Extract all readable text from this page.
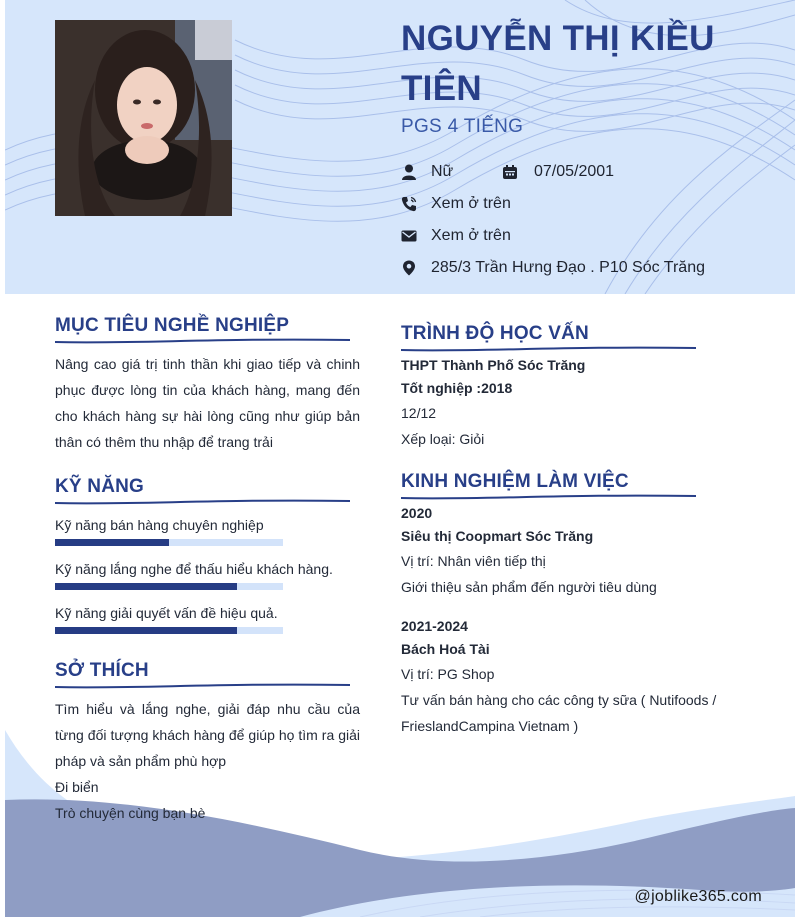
NGUYỄN THỊ KIỀU TIÊN
PGS 4 TIẾNG
Nữ	07/05/2001
Xem ở trên
Xem ở trên
285/3 Trần Hưng Đạo . P10 Sóc Trăng
MỤC TIÊU NGHỀ NGHIỆP
Nâng cao giá trị tinh thần khi giao tiếp và chinh phục được lòng tin của khách hàng, mang đến cho khách hàng sự hài lòng cũng như giúp bản thân có thêm thu nhập để trang trải
KỸ NĂNG
Kỹ năng bán hàng chuyên nghiệp
Kỹ năng lắng nghe để thấu hiểu khách hàng.
Kỹ năng giải quyết vấn đề hiệu quả.
SỞ THÍCH
Tìm hiểu và lắng nghe, giải đáp nhu cầu của từng đối tượng khách hàng để giúp họ tìm ra giải pháp và sản phẩm phù hợp
Đi biển
Trò chuyện cùng bạn bè
TRÌNH ĐỘ HỌC VẤN
THPT Thành Phố Sóc Trăng
Tốt nghiệp :2018
12/12
Xếp loại: Giỏi
KINH NGHIỆM LÀM VIỆC
2020
Siêu thị Coopmart Sóc Trăng
Vị trí: Nhân viên tiếp thị
Giới thiệu sản phẩm đến người tiêu dùng
2021-2024
Bách Hoá Tài
Vị trí: PG Shop
Tư vấn bán hàng cho các công ty sữa ( Nutifoods / FrieslandCampina Vietnam )
@joblike365.com
